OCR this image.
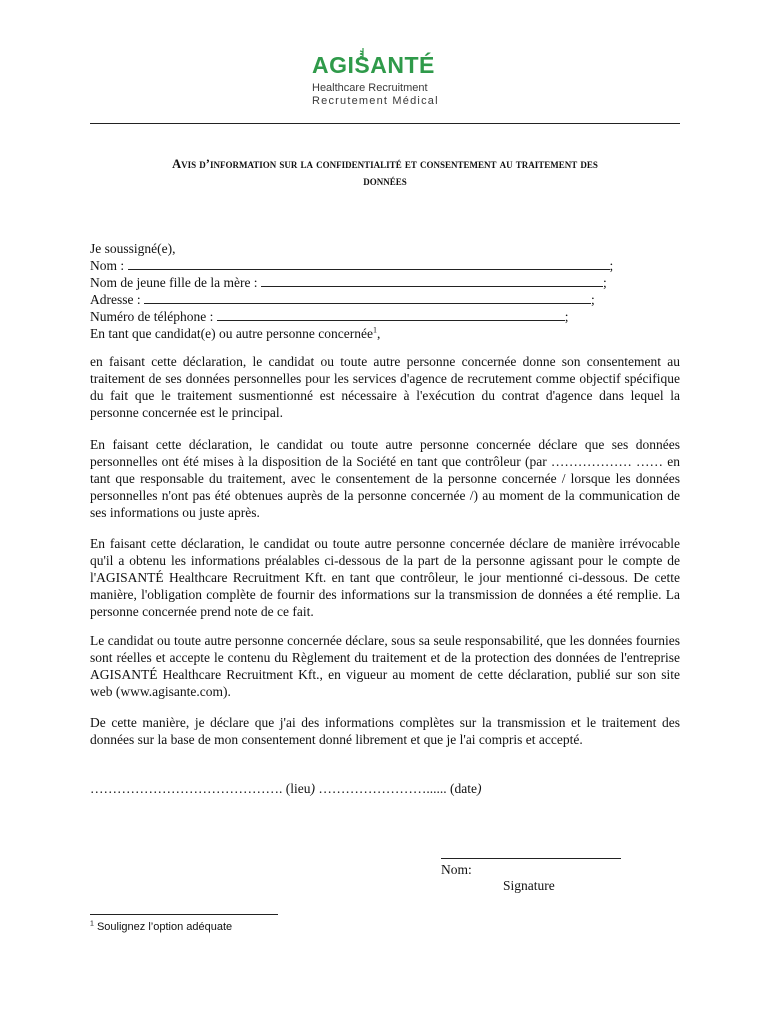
AGISANTÉ
Healthcare Recruitment
Recrutement Médical
Avis d’information sur la confidentialité et consentement au traitement des
données
Je soussigné(e),
Nom :	;
Nom de jeune fille de la mère :	;
Adresse :	;
Numéro de téléphone :	;
En tant que candidat(e) ou autre personne concernée$^1$,
en faisant cette déclaration, le candidat ou toute autre personne concernée donne son consentement au traitement de ses données personnelles pour les services d'agence de recrutement comme objectif spécifique du fait que le traitement susmentionné est nécessaire à l'exécution du contrat d'agence dans lequel la personne concernée est le principal.
En faisant cette déclaration, le candidat ou toute autre personne concernée déclare que ses données personnelles ont été mises à la disposition de la Société en tant que contrôleur (par ……………… …… en tant que responsable du traitement, avec le consentement de la personne concernée / lorsque les données personnelles n'ont pas été obtenues auprès de la personne concernée /) au moment de la communication de ses informations ou juste après.
En faisant cette déclaration, le candidat ou toute autre personne concernée déclare de manière irrévocable qu'il a obtenu les informations préalables ci-dessous de la part de la personne agissant pour le compte de l'AGISANTÉ Healthcare Recruitment Kft. en tant que contrôleur, le jour mentionné ci-dessous. De cette manière, l'obligation complète de fournir des informations sur la transmission de données a été remplie. La personne concernée prend note de ce fait.
Le candidat ou toute autre personne concernée déclare, sous sa seule responsabilité, que les données fournies sont réelles et accepte le contenu du Règlement du traitement et de la protection des données de l'entreprise AGISANTÉ Healthcare Recruitment Kft., en vigueur au moment de cette déclaration, publié sur son site web (www.agisante.com).
De cette manière, je déclare que j'ai des informations complètes sur la transmission et le traitement des données sur la base de mon consentement donné librement et que je l'ai compris et accepté.
……………………………………. (lieu) ……………………...... (date)
Nom:
Signature
$^1$ Soulignez l’option adéquate
